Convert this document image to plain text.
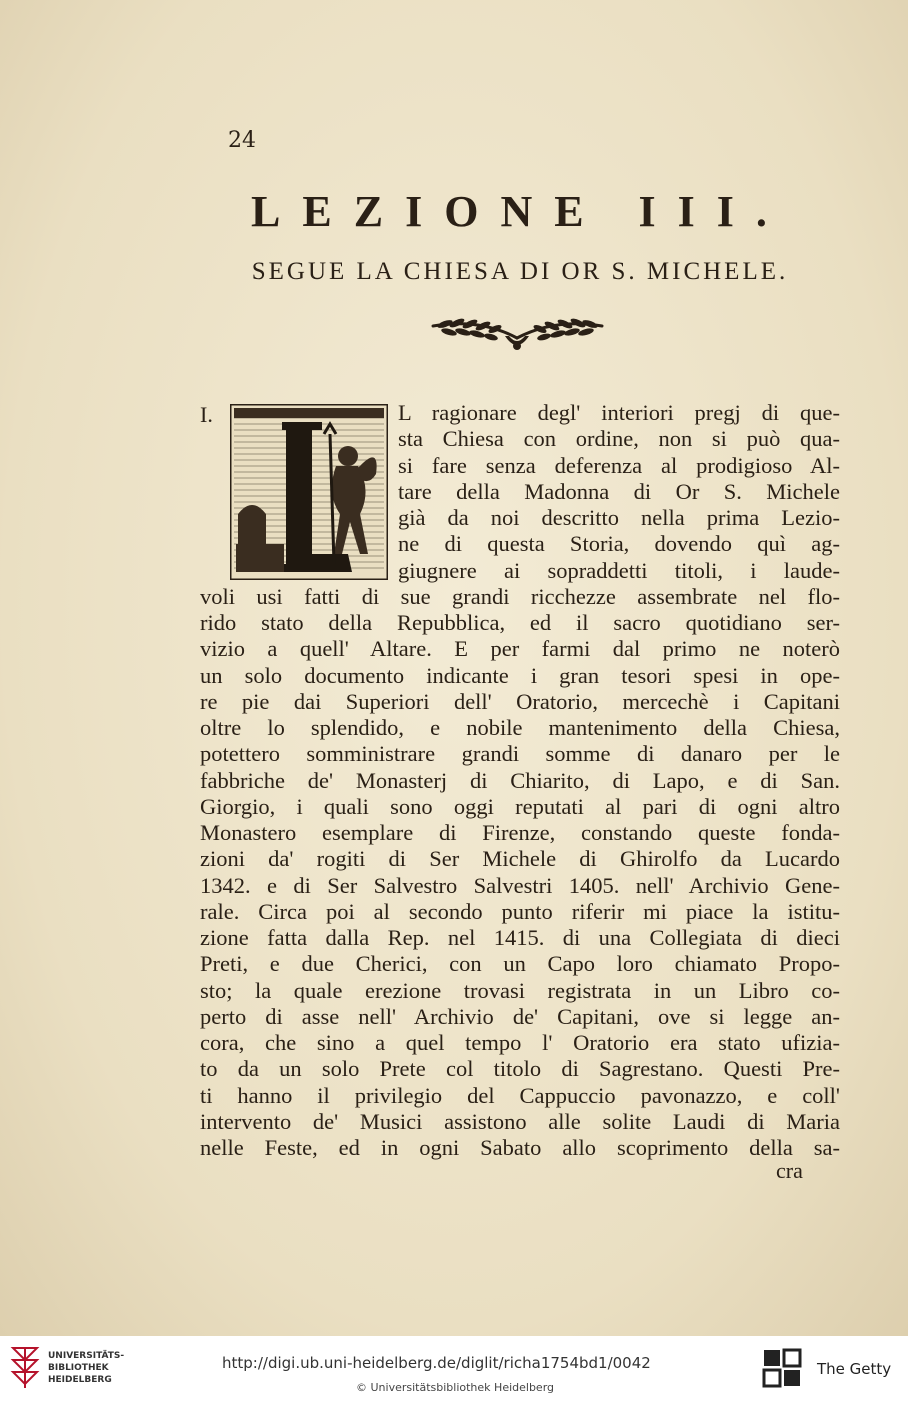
24
LEZIONE III.
SEGUE LA CHIESA DI OR S. MICHELE.
I.	L ragionare degl' interiori pregj di que-
sta Chiesa con ordine, non si può qua-
si fare senza deferenza al prodigioso Al-
tare della Madonna di Or S. Michele
già da noi descritto nella prima Lezio-
ne di questa Storia, dovendo quì ag-
giugnere ai sopraddetti titoli, i laude-
voli usi fatti di sue grandi ricchezze assembrate nel flo-
rido stato della Repubblica, ed il sacro quotidiano ser-
vizio a quell' Altare. E per farmi dal primo ne noterò
un solo documento indicante i gran tesori spesi in ope-
re pie dai Superiori dell' Oratorio, mercechè i Capitani
oltre lo splendido, e nobile mantenimento della Chiesa,
potettero somministrare grandi somme di danaro per le
fabbriche de' Monasterj di Chiarito, di Lapo, e di San.
Giorgio, i quali sono oggi reputati al pari di ogni altro
Monastero esemplare di Firenze, constando queste fonda-
zioni da' rogiti di Ser Michele di Ghirolfo da Lucardo
1342. e di Ser Salvestro Salvestri 1405. nell' Archivio Gene-
rale. Circa poi al secondo punto riferir mi piace la istitu-
zione fatta dalla Rep. nel 1415. di una Collegiata di dieci
Preti, e due Cherici, con un Capo loro chiamato Propo-
sto; la quale erezione trovasi registrata in un Libro co-
perto di asse nell' Archivio de' Capitani, ove si legge an-
cora, che sino a quel tempo l' Oratorio era stato ufizia-
to da un solo Prete col titolo di Sagrestano. Questi Pre-
ti hanno il privilegio del Cappuccio pavonazzo, e coll'
intervento de' Musici assistono alle solite Laudi di Maria
nelle Feste, ed in ogni Sabato allo scoprimento della sa-
cra
UNIVERSITÄTS-
BIBLIOTHEK
HEIDELBERG
http://digi.ub.uni-heidelberg.de/diglit/richa1754bd1/0042
© Universitätsbibliothek Heidelberg
The Getty
